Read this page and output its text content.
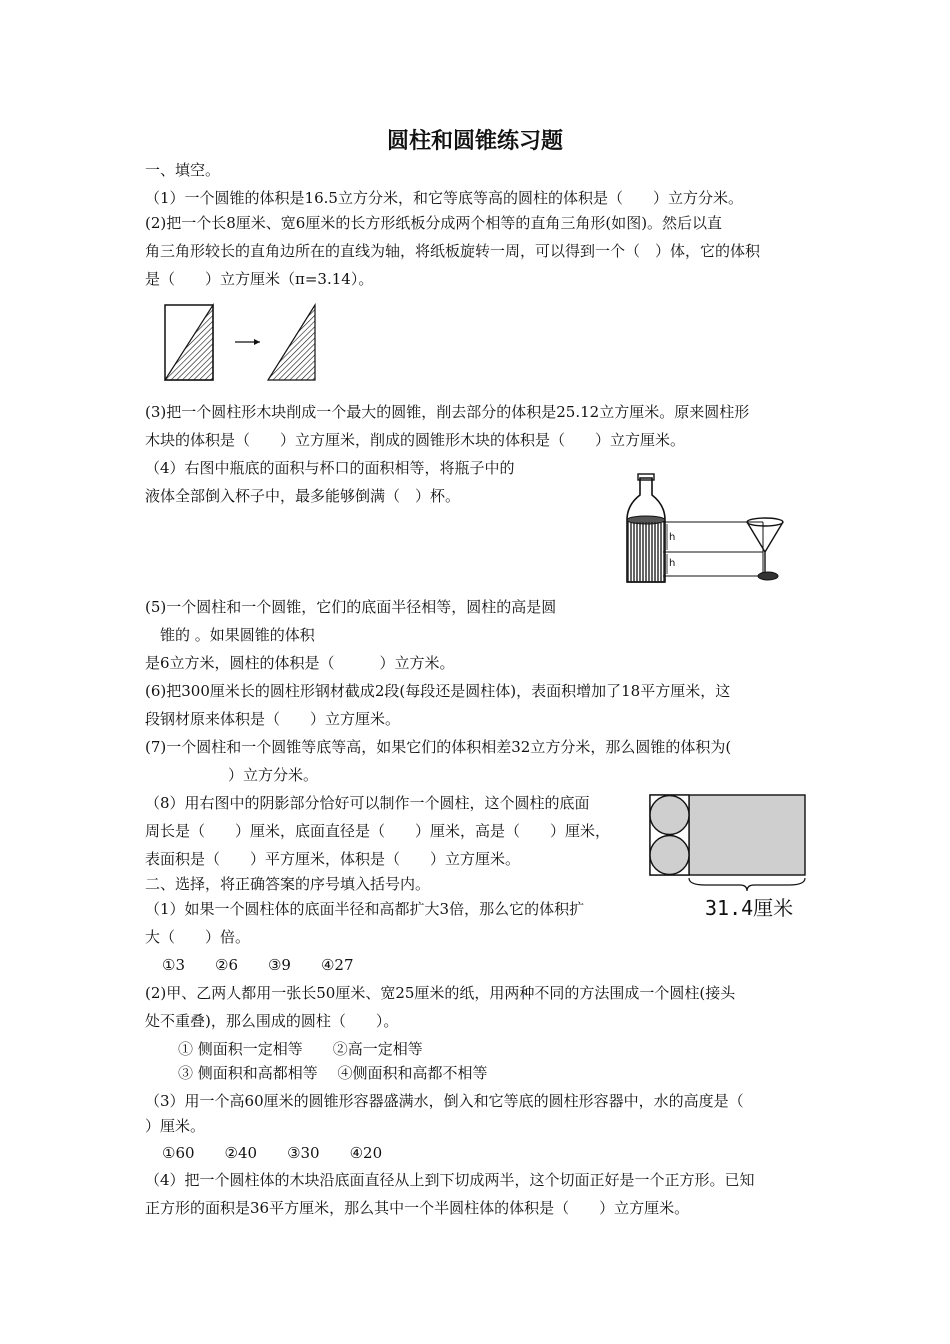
圆柱和圆锥练习题
一、填空。
（1）一个圆锥的体积是16.5立方分米，和它等底等高的圆柱的体积是（　　）立方分米。
(2)把一个长8厘米、宽6厘米的长方形纸板分成两个相等的直角三角形(如图)。然后以直
角三角形较长的直角边所在的直线为轴，将纸板旋转一周，可以得到一个（　）体，它的体积
是（　　）立方厘米（π=3.14）。
(3)把一个圆柱形木块削成一个最大的圆锥，削去部分的体积是25.12立方厘米。原来圆柱形
木块的体积是（　　）立方厘米，削成的圆锥形木块的体积是（　　）立方厘米。
（4）右图中瓶底的面积与杯口的面积相等，将瓶子中的
液体全部倒入杯子中，最多能够倒满（　）杯。
h
h
(5)一个圆柱和一个圆锥，它们的底面半径相等，圆柱的高是圆
锥的 。如果圆锥的体积
是6立方米，圆柱的体积是（　　　）立方米。
(6)把300厘米长的圆柱形钢材截成2段(每段还是圆柱体)，表面积增加了18平方厘米，这
段钢材原来体积是（　　）立方厘米。
(7)一个圆柱和一个圆锥等底等高，如果它们的体积相差32立方分米，那么圆锥的体积为(
）立方分米。
（8）用右图中的阴影部分恰好可以制作一个圆柱，这个圆柱的底面
周长是（　　）厘米，底面直径是（　　）厘米，高是（　　）厘米，
表面积是（　　）平方厘米，体积是（　　）立方厘米。
31.4厘米
二、选择，将正确答案的序号填入括号内。
（1）如果一个圆柱体的底面半径和高都扩大3倍，那么它的体积扩
大（　　）倍。
①3　　②6　　③9　　④27
(2)甲、乙两人都用一张长50厘米、宽25厘米的纸，用两种不同的方法围成一个圆柱(接头
处不重叠)，那么围成的圆柱（　　）。
① 侧面积一定相等　　②高一定相等
③ 侧面积和高都相等　 ④侧面积和高都不相等
（3）用一个高60厘米的圆锥形容器盛满水，倒入和它等底的圆柱形容器中，水的高度是（
）厘米。
①60　　②40　　③30　　④20
（4）把一个圆柱体的木块沿底面直径从上到下切成两半，这个切面正好是一个正方形。已知
正方形的面积是36平方厘米，那么其中一个半圆柱体的体积是（　　）立方厘米。
